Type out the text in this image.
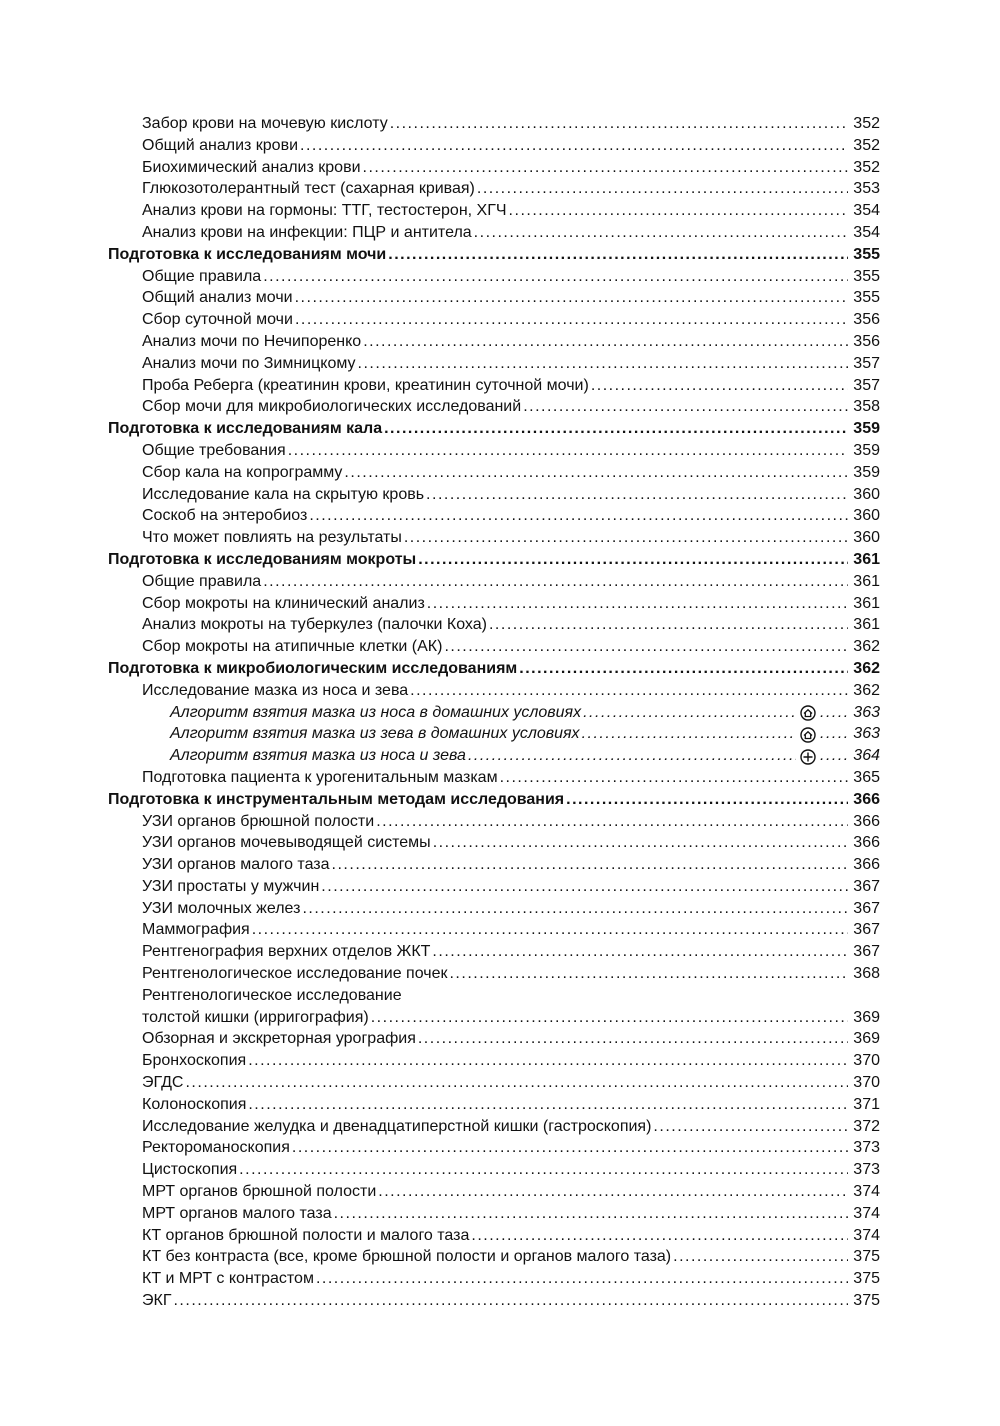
Забор крови на мочевую кислоту .....	352
Общий анализ крови .....	352
Биохимический анализ крови .....	352
Глюкозотолерантный тест (сахарная кривая) .....	353
Анализ крови на гормоны: ТТГ, тестостерон, ХГЧ .....	354
Анализ крови на инфекции: ПЦР и антитела .....	354
Подготовка к исследованиям мочи .....	355
Общие правила .....	355
Общий анализ мочи .....	355
Сбор суточной мочи .....	356
Анализ мочи по Нечипоренко .....	356
Анализ мочи по Зимницкому .....	357
Проба Реберга (креатинин крови, креатинин суточной мочи) .....	357
Сбор мочи для микробиологических исследований .....	358
Подготовка к исследованиям кала .....	359
Общие требования .....	359
Сбор кала на копрограмму .....	359
Исследование кала на скрытую кровь .....	360
Соскоб на энтеробиоз .....	360
Что может повлиять на результаты .....	360
Подготовка к исследованиям мокроты .....	361
Общие правила .....	361
Сбор мокроты на клинический анализ .....	361
Анализ мокроты на туберкулез (палочки Коха) .....	361
Сбор мокроты на атипичные клетки (АК) .....	362
Подготовка к микробиологическим исследованиям .....	362
Исследование мазка из носа и зева .....	362
Алгоритм взятия мазка из носа в домашних условиях ..... .....	363
Алгоритм взятия мазка из зева в домашних условиях ..... .....	363
Алгоритм взятия мазка из носа и зева ..... .....	364
Подготовка пациента к урогенитальным мазкам .....	365
Подготовка к инструментальным методам исследования .....	366
УЗИ органов брюшной полости .....	366
УЗИ органов мочевыводящей системы .....	366
УЗИ органов малого таза .....	366
УЗИ простаты у мужчин .....	367
УЗИ молочных желез .....	367
Маммография .....	367
Рентгенография верхних отделов ЖКТ .....	367
Рентгенологическое исследование почек .....	368
Рентгенологическое исследование
толстой кишки (ирригография) .....	369
Обзорная и экскреторная урография .....	369
Бронхоскопия .....	370
ЭГДС .....	370
Колоноскопия .....	371
Исследование желудка и двенадцатиперстной кишки (гастроскопия) .....	372
Ректороманоскопия .....	373
Цистоскопия .....	373
МРТ органов брюшной полости .....	374
МРТ органов малого таза .....	374
КТ органов брюшной полости и малого таза .....	374
КТ без контраста (все, кроме брюшной полости и органов малого таза) .....	375
КТ и МРТ с контрастом .....	375
ЭКГ .....	375
